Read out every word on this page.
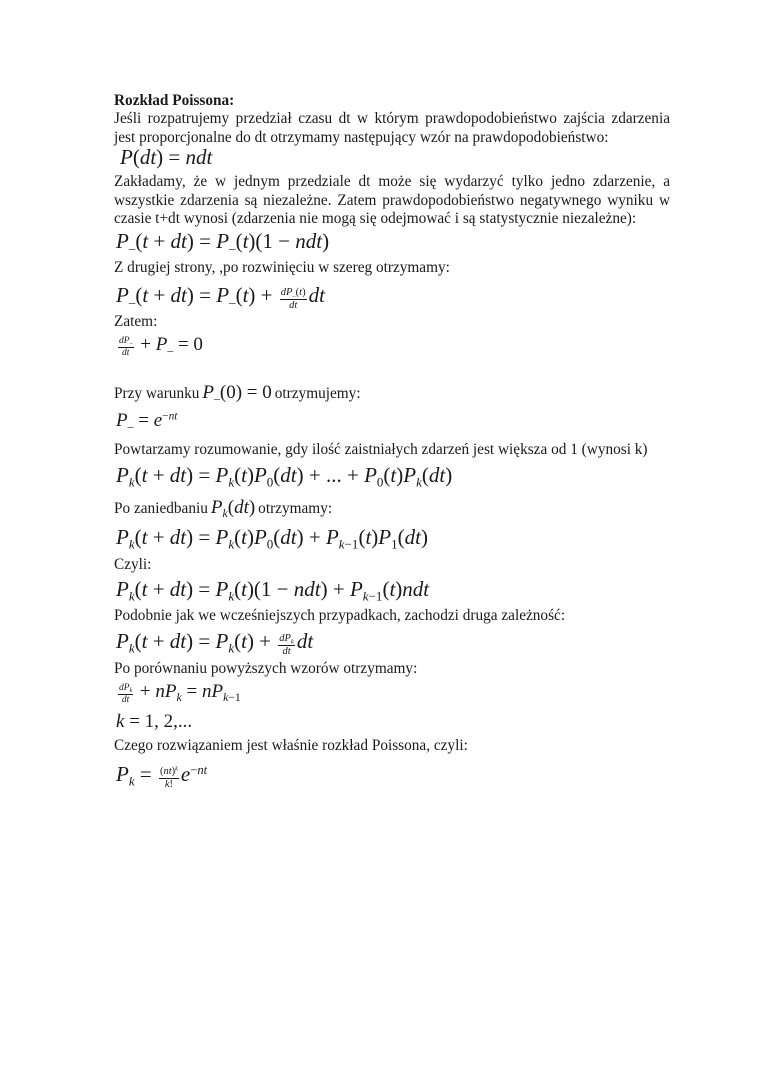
Rozkład Poissona:
Jeśli rozpatrujemy przedział czasu dt w którym prawdopodobieństwo zajścia zdarzenia jest proporcjonalne do dt otrzymamy następujący wzór na prawdopodobieństwo:
P(dt) = ndt
Zakładamy, że w jednym przedziale dt może się wydarzyć tylko jedno zdarzenie, a wszystkie zdarzenia są niezależne. Zatem prawdopodobieństwo negatywnego wyniku w czasie t+dt wynosi (zdarzenia nie mogą się odejmować i są statystycznie niezależne):
$P_-(t + dt) = P_-(t)(1 - ndt)$
Z drugiej strony, ,po rozwinięciu w szereg otrzymamy:
$P_-(t + dt) = P_-(t) + \frac{dP_-(t)}{dt}$ dt
Zatem:
$\frac{dP_-}{dt} + P_- = 0$
Przy warunku $P_-(0) = 0$ otrzymujemy:
$P_- = e^{-nt}$
Powtarzamy rozumowanie, gdy ilość zaistniałych zdarzeń jest większa od 1 (wynosi k)
$P_k(t + dt) = P_k(t)P_0(dt)$ + ... + $P_0(t)P_k(dt)$
Po zaniedbaniu $P_k(dt)$ otrzymamy:
$P_k(t + dt) = P_k(t)P_0(dt) + P_{k-1}(t)P_1(dt)$
Czyli:
$P_k(t + dt) = P_k(t)(1 - ndt) + P_{k-1}(t)ndt$
Podobnie jak we wcześniejszych przypadkach, zachodzi druga zależność:
$P_k(t + dt) = P_k(t) + \frac{dP_k}{dt}$ dt
Po porównaniu powyższych wzorów otrzymamy:
$\frac{dP_k}{dt} + nP_k = nP_{k-1}$
k = 1, 2,...
Czego rozwiązaniem jest właśnie rozkład Poissona, czyli:
$P_k = \frac{(nt)^k}{k!} e^{-nt}$
